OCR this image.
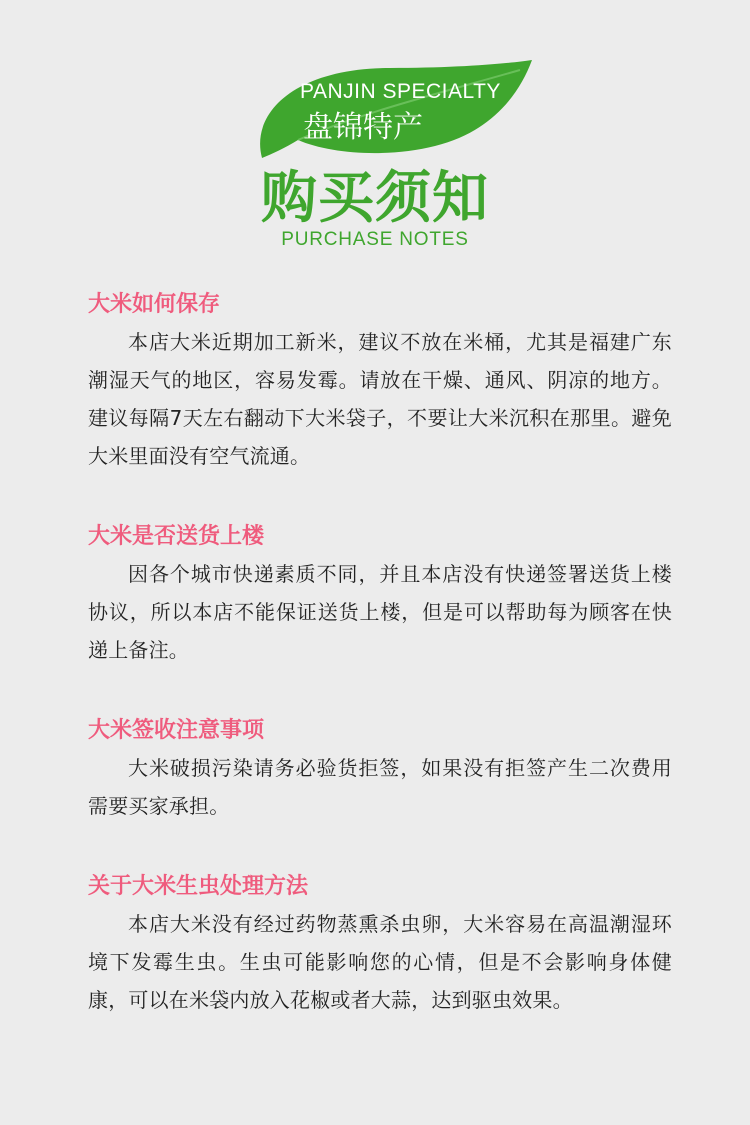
PANJIN SPECIALTY
盘锦特产
购买须知
PURCHASE NOTES
大米如何保存

本店大米近期加工新米，建议不放在米桶，尤其是福建广东潮湿天气的地区，容易发霉。请放在干燥、通风、阴凉的地方。建议每隔7天左右翻动下大米袋子，不要让大米沉积在那里。避免大米里面没有空气流通。

大米是否送货上楼

因各个城市快递素质不同，并且本店没有快递签署送货上楼协议，所以本店不能保证送货上楼，但是可以帮助每为顾客在快递上备注。

大米签收注意事项

大米破损污染请务必验货拒签，如果没有拒签产生二次费用需要买家承担。

关于大米生虫处理方法

本店大米没有经过药物蒸熏杀虫卵，大米容易在高温潮湿环境下发霉生虫。生虫可能影响您的心情，但是不会影响身体健康，可以在米袋内放入花椒或者大蒜，达到驱虫效果。
